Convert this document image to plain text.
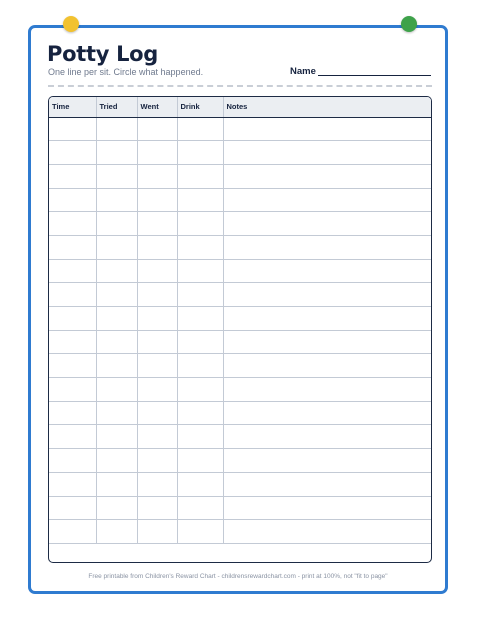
Potty Log
One line per sit. Circle what happened.	Name
Time	Tried	Went	Drink	Notes

Free printable from Children's Reward Chart - childrensrewardchart.com - print at 100%, not "fit to page"
